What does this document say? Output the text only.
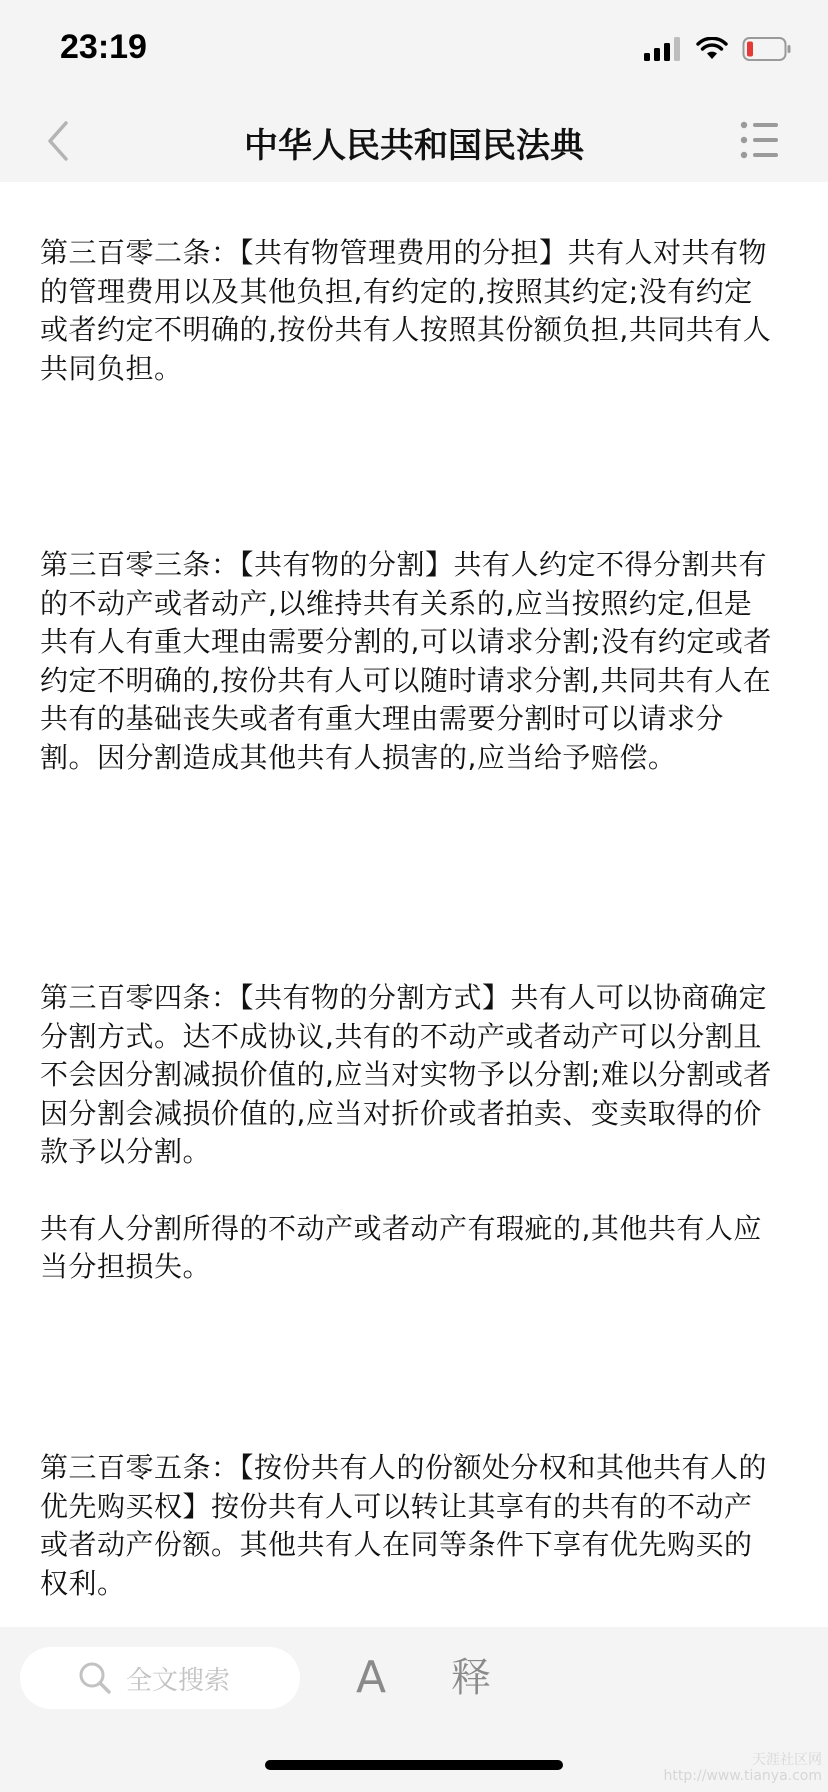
23:19
中华人民共和国民法典

第三百零二条：【共有物管理费用的分担】共有人对共有物的管理费用以及其他负担,有约定的,按照其约定;没有约定或者约定不明确的,按份共有人按照其份额负担,共同共有人共同负担。

第三百零三条：【共有物的分割】共有人约定不得分割共有的不动产或者动产,以维持共有关系的,应当按照约定,但是共有人有重大理由需要分割的,可以请求分割;没有约定或者约定不明确的,按份共有人可以随时请求分割,共同共有人在共有的基础丧失或者有重大理由需要分割时可以请求分割。因分割造成其他共有人损害的,应当给予赔偿。

第三百零四条：【共有物的分割方式】共有人可以协商确定分割方式。达不成协议,共有的不动产或者动产可以分割且不会因分割减损价值的,应当对实物予以分割;难以分割或者因分割会减损价值的,应当对折价或者拍卖、变卖取得的价款予以分割。

共有人分割所得的不动产或者动产有瑕疵的,其他共有人应当分担损失。

第三百零五条：【按份共有人的份额处分权和其他共有人的优先购买权】按份共有人可以转让其享有的共有的不动产或者动产份额。其他共有人在同等条件下享有优先购买的权利。

全文搜索	A 释
天涯社区网
http://www.tianya.com
